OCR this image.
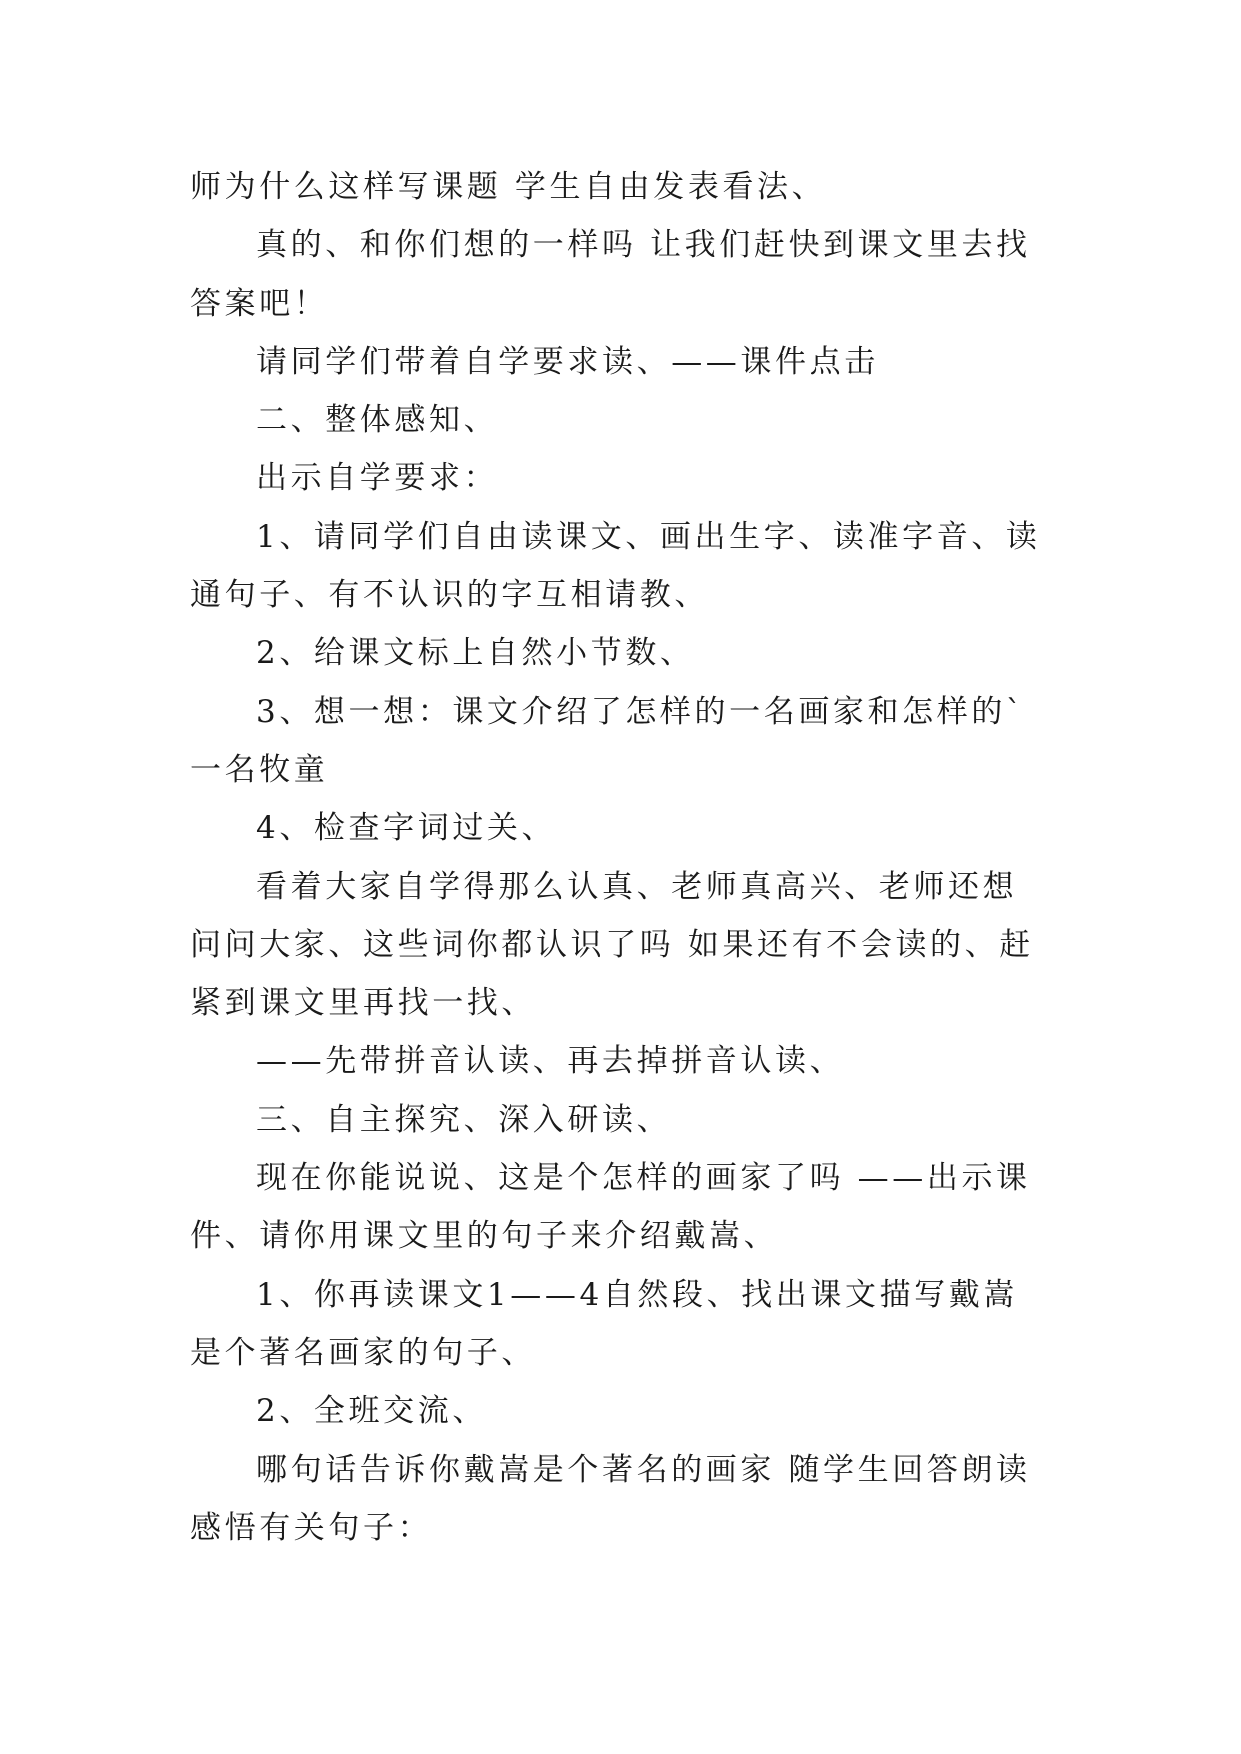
师为什么这样写课题 学生自由发表看法、

真的、和你们想的一样吗 让我们赶快到课文里去找答案吧！

请同学们带着自学要求读、——课件点击

二、整体感知、

出示自学要求：

1、请同学们自由读课文、画出生字、读准字音、读通句子、有不认识的字互相请教、

2、给课文标上自然小节数、

3、想一想：课文介绍了怎样的一名画家和怎样的`一名牧童

4、检查字词过关、

看着大家自学得那么认真、老师真高兴、老师还想问问大家、这些词你都认识了吗 如果还有不会读的、赶紧到课文里再找一找、

——先带拼音认读、再去掉拼音认读、

三、自主探究、深入研读、

现在你能说说、这是个怎样的画家了吗 ——出示课件、请你用课文里的句子来介绍戴嵩、

1、你再读课文1——4自然段、找出课文描写戴嵩是个著名画家的句子、

2、全班交流、

哪句话告诉你戴嵩是个著名的画家 随学生回答朗读感悟有关句子：
